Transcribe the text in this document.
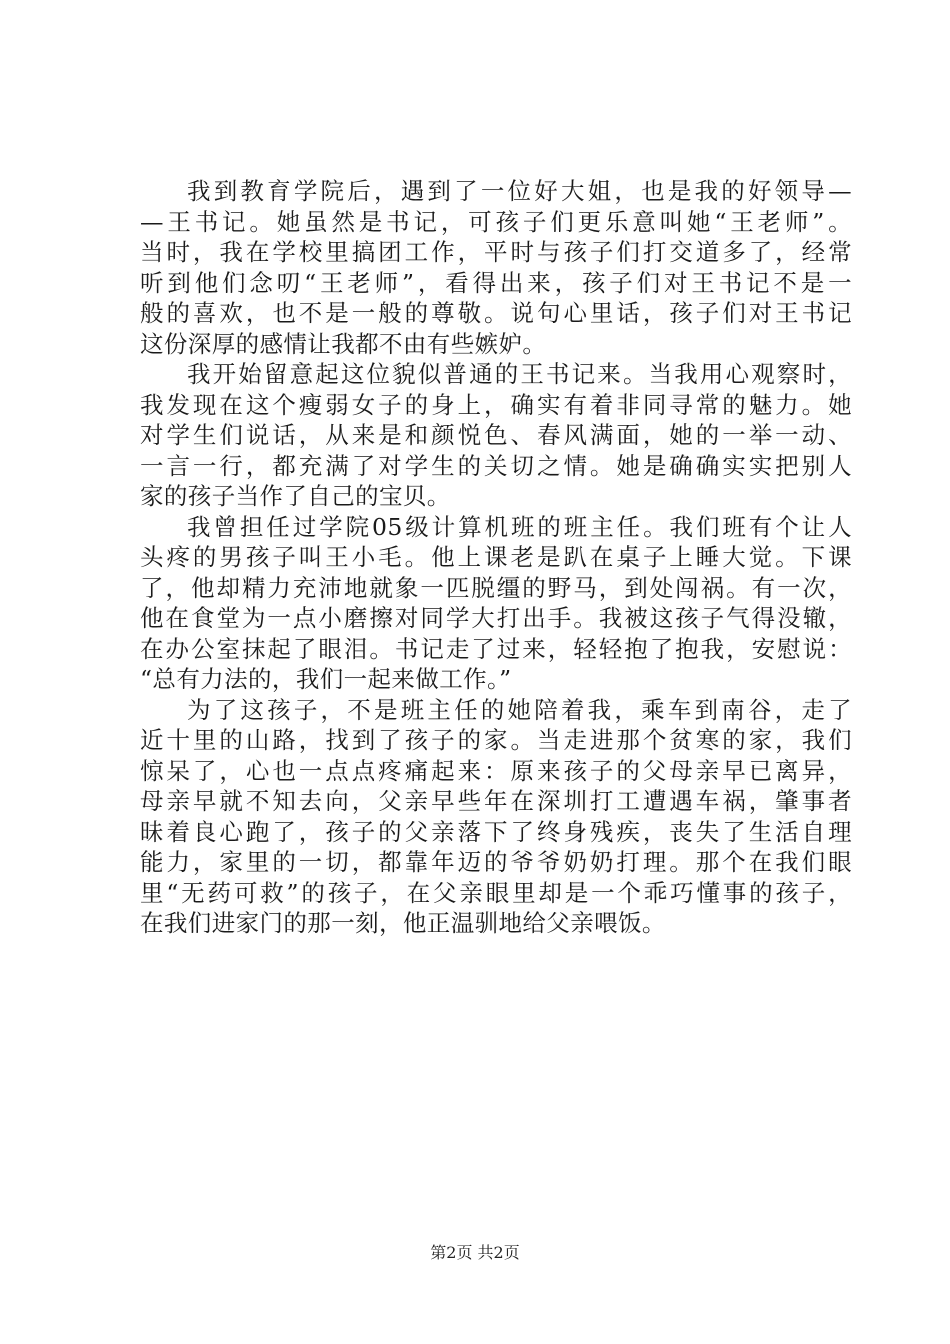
我到教育学院后，遇到了一位好大姐，也是我的好领导—
—王书记。她虽然是书记，可孩子们更乐意叫她“王老师”。
当时，我在学校里搞团工作，平时与孩子们打交道多了，经常
听到他们念叨“王老师”，看得出来，孩子们对王书记不是一
般的喜欢，也不是一般的尊敬。说句心里话，孩子们对王书记
这份深厚的感情让我都不由有些嫉妒。
我开始留意起这位貌似普通的王书记来。当我用心观察时，
我发现在这个瘦弱女子的身上，确实有着非同寻常的魅力。她
对学生们说话，从来是和颜悦色、春风满面，她的一举一动、
一言一行，都充满了对学生的关切之情。她是确确实实把别人
家的孩子当作了自己的宝贝。
我曾担任过学院05级计算机班的班主任。我们班有个让人
头疼的男孩子叫王小毛。他上课老是趴在桌子上睡大觉。下课
了，他却精力充沛地就象一匹脱缰的野马，到处闯祸。有一次，
他在食堂为一点小磨擦对同学大打出手。我被这孩子气得没辙，
在办公室抹起了眼泪。书记走了过来，轻轻抱了抱我，安慰说：
“总有力法的，我们一起来做工作。”
为了这孩子，不是班主任的她陪着我，乘车到南谷，走了
近十里的山路，找到了孩子的家。当走进那个贫寒的家，我们
惊呆了，心也一点点疼痛起来：原来孩子的父母亲早已离异，
母亲早就不知去向，父亲早些年在深圳打工遭遇车祸，肇事者
昧着良心跑了，孩子的父亲落下了终身残疾，丧失了生活自理
能力，家里的一切，都靠年迈的爷爷奶奶打理。那个在我们眼
里“无药可救”的孩子，在父亲眼里却是一个乖巧懂事的孩子，
在我们进家门的那一刻，他正温驯地给父亲喂饭。
第2页 共2页
